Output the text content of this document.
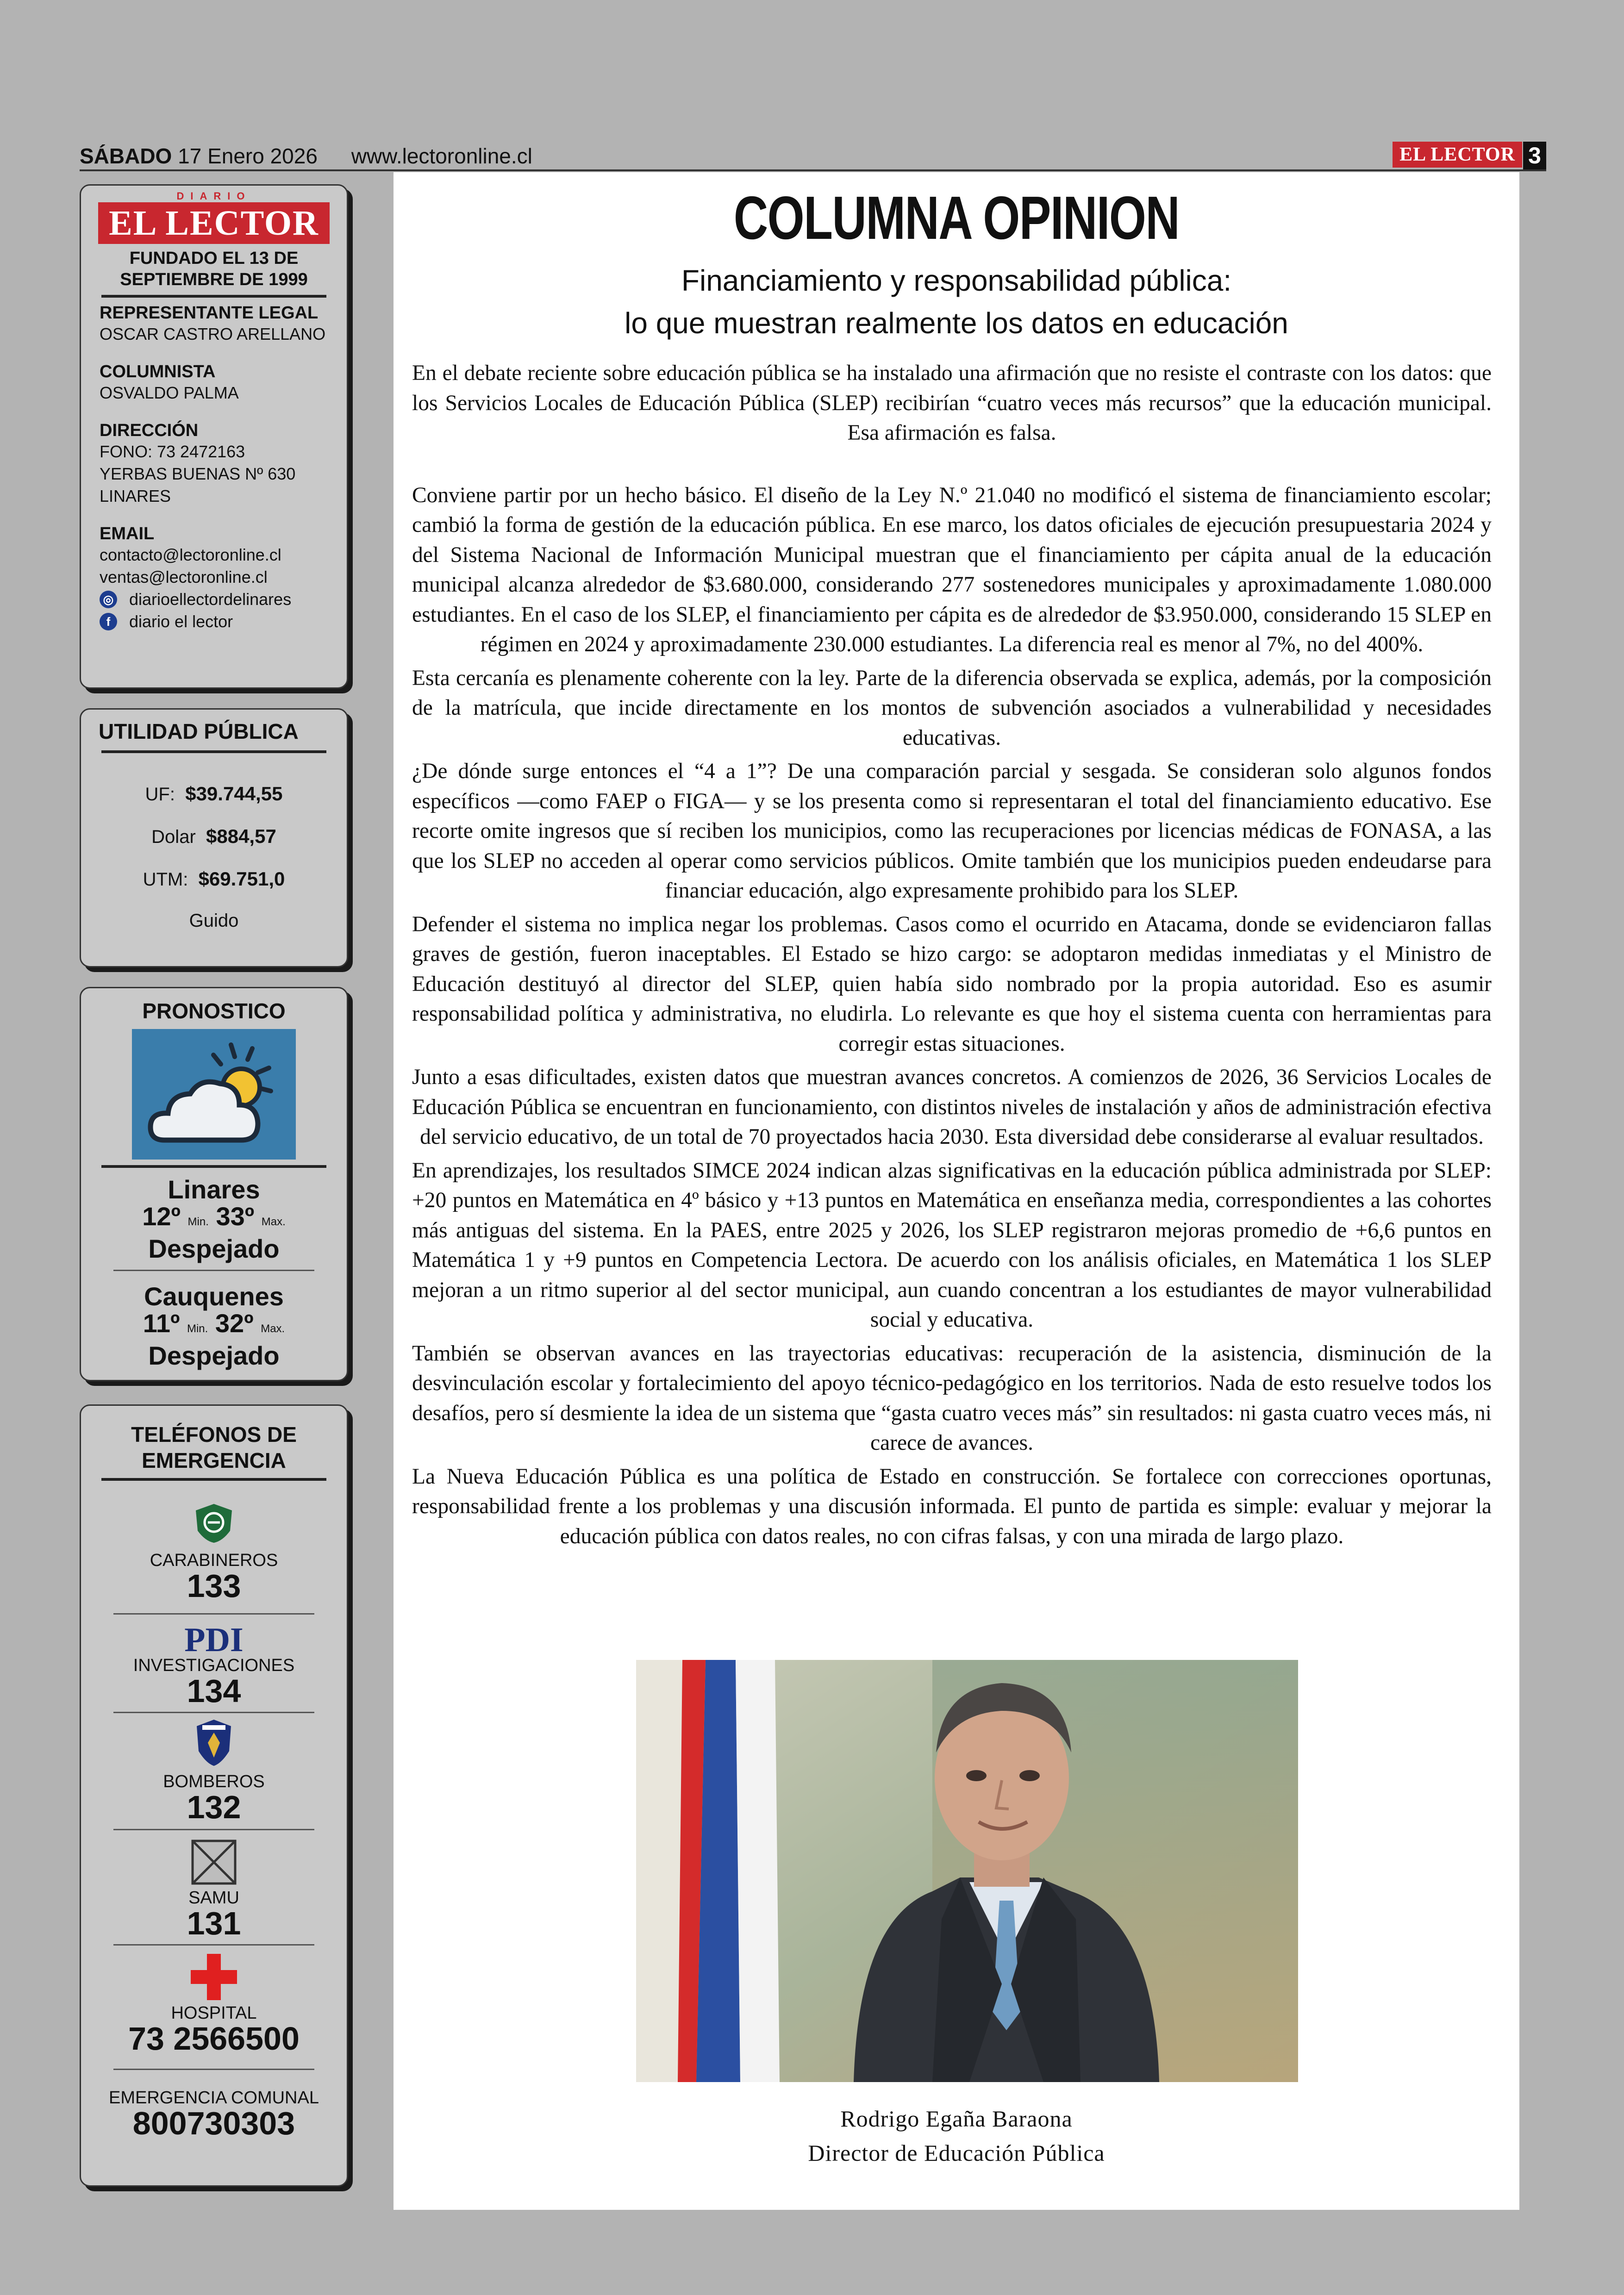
SÁBADO 17 Enero 2026 www.lectoronline.cl	EL LECTOR 3
DIARIO
EL LECTOR
FUNDADO EL 13 DE SEPTIEMBRE DE 1999
REPRESENTANTE LEGAL
OSCAR CASTRO ARELLANO
COLUMNISTA
OSVALDO PALMA
DIRECCIÓN
FONO: 73 2472163
YERBAS BUENAS Nº 630
LINARES
EMAIL
contacto@lectoronline.cl
ventas@lectoronline.cl
◎ diarioellectordelinares
f	diario el lector
UTILIDAD PÚBLICA
UF: $39.744,55
Dolar $884,57
UTM: $69.751,0
Guido
PRONOSTICO
Linares
12º Min. 33º Max.
Despejado
Cauquenes
11º Min. 32º Max.
Despejado
TELÉFONOS DE EMERGENCIA
CARABINEROS
133
PDI
INVESTIGACIONES
134
BOMBEROS
132
SAMU
131
HOSPITAL
73 2566500
EMERGENCIA COMUNAL
800730303
COLUMNA OPINION
Financiamiento y responsabilidad pública:
lo que muestran realmente los datos en educación

En el debate reciente sobre educación pública se ha instalado una afirmación que no resiste el contraste con los datos: que los Servicios Locales de Educación Pública (SLEP) recibirían “cuatro veces más recursos” que la educación municipal. Esa afirmación es falsa.

Conviene partir por un hecho básico. El diseño de la Ley N.º 21.040 no modificó el sistema de financiamiento escolar; cambió la forma de gestión de la educación pública. En ese marco, los datos oficiales de ejecución presupuestaria 2024 y del Sistema Nacional de Información Municipal muestran que el financiamiento per cápita anual de la educación municipal alcanza alrededor de $3.680.000, considerando 277 sostenedores municipales y aproximadamente 1.080.000 estudiantes. En el caso de los SLEP, el financiamiento per cápita es de alrededor de $3.950.000, considerando 15 SLEP en régimen en 2024 y aproximadamente 230.000 estudiantes. La diferencia real es menor al 7%, no del 400%.

Esta cercanía es plenamente coherente con la ley. Parte de la diferencia observada se explica, además, por la composición de la matrícula, que incide directamente en los montos de subvención asociados a vulnerabilidad y necesidades educativas.

¿De dónde surge entonces el “4 a 1”? De una comparación parcial y sesgada. Se consideran solo algunos fondos específicos —como FAEP o FIGA— y se los presenta como si representaran el total del financiamiento educativo. Ese recorte omite ingresos que sí reciben los municipios, como las recuperaciones por licencias médicas de FONASA, a las que los SLEP no acceden al operar como servicios públicos. Omite también que los municipios pueden endeudarse para financiar educación, algo expresamente prohibido para los SLEP.

Defender el sistema no implica negar los problemas. Casos como el ocurrido en Atacama, donde se evidenciaron fallas graves de gestión, fueron inaceptables. El Estado se hizo cargo: se adoptaron medidas inmediatas y el Ministro de Educación destituyó al director del SLEP, quien había sido nombrado por la propia autoridad. Eso es asumir responsabilidad política y administrativa, no eludirla. Lo relevante es que hoy el sistema cuenta con herramientas para corregir estas situaciones.

Junto a esas dificultades, existen datos que muestran avances concretos. A comienzos de 2026, 36 Servicios Locales de Educación Pública se encuentran en funcionamiento, con distintos niveles de instalación y años de administración efectiva del servicio educativo, de un total de 70 proyectados hacia 2030. Esta diversidad debe considerarse al evaluar resultados.

En aprendizajes, los resultados SIMCE 2024 indican alzas significativas en la educación pública administrada por SLEP: +20 puntos en Matemática en 4º básico y +13 puntos en Matemática en enseñanza media, correspondientes a las cohortes más antiguas del sistema. En la PAES, entre 2025 y 2026, los SLEP registraron mejoras promedio de +6,6 puntos en Matemática 1 y +9 puntos en Competencia Lectora. De acuerdo con los análisis oficiales, en Matemática 1 los SLEP mejoran a un ritmo superior al del sector municipal, aun cuando concentran a los estudiantes de mayor vulnerabilidad social y educativa.

También se observan avances en las trayectorias educativas: recuperación de la asistencia, disminución de la desvinculación escolar y fortalecimiento del apoyo técnico-pedagógico en los territorios. Nada de esto resuelve todos los desafíos, pero sí desmiente la idea de un sistema que “gasta cuatro veces más” sin resultados: ni gasta cuatro veces más, ni carece de avances.

La Nueva Educación Pública es una política de Estado en construcción. Se fortalece con correcciones oportunas, responsabilidad frente a los problemas y una discusión informada. El punto de partida es simple: evaluar y mejorar la educación pública con datos reales, no con cifras falsas, y con una mirada de largo plazo.

Rodrigo Egaña Baraona
Director de Educación Pública
